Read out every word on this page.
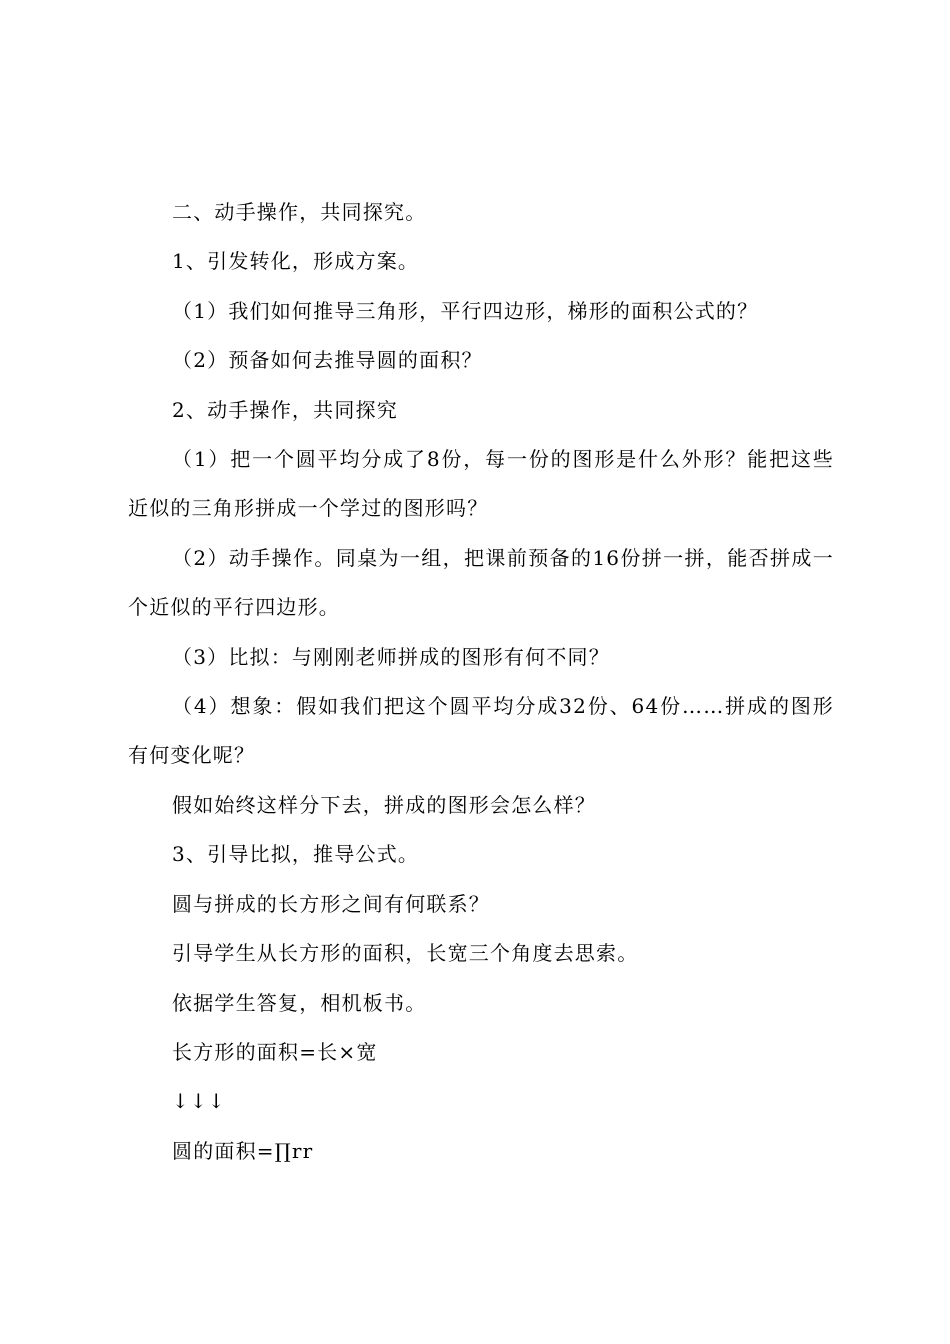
二、动手操作，共同探究。

1、引发转化，形成方案。

（1）我们如何推导三角形，平行四边形，梯形的面积公式的？

（2）预备如何去推导圆的面积？

2、动手操作，共同探究

（1）把一个圆平均分成了8份，每一份的图形是什么外形？能把这些近似的三角形拼成一个学过的图形吗？

（2）动手操作。同桌为一组，把课前预备的16份拼一拼，能否拼成一个近似的平行四边形。

（3）比拟：与刚刚老师拼成的图形有何不同？

（4）想象：假如我们把这个圆平均分成32份、64份……拼成的图形有何变化呢？

假如始终这样分下去，拼成的图形会怎么样？

3、引导比拟，推导公式。

圆与拼成的长方形之间有何联系？

引导学生从长方形的面积，长宽三个角度去思索。

依据学生答复，相机板书。

长方形的面积=长×宽

↓↓↓

圆的面积=∏rr
